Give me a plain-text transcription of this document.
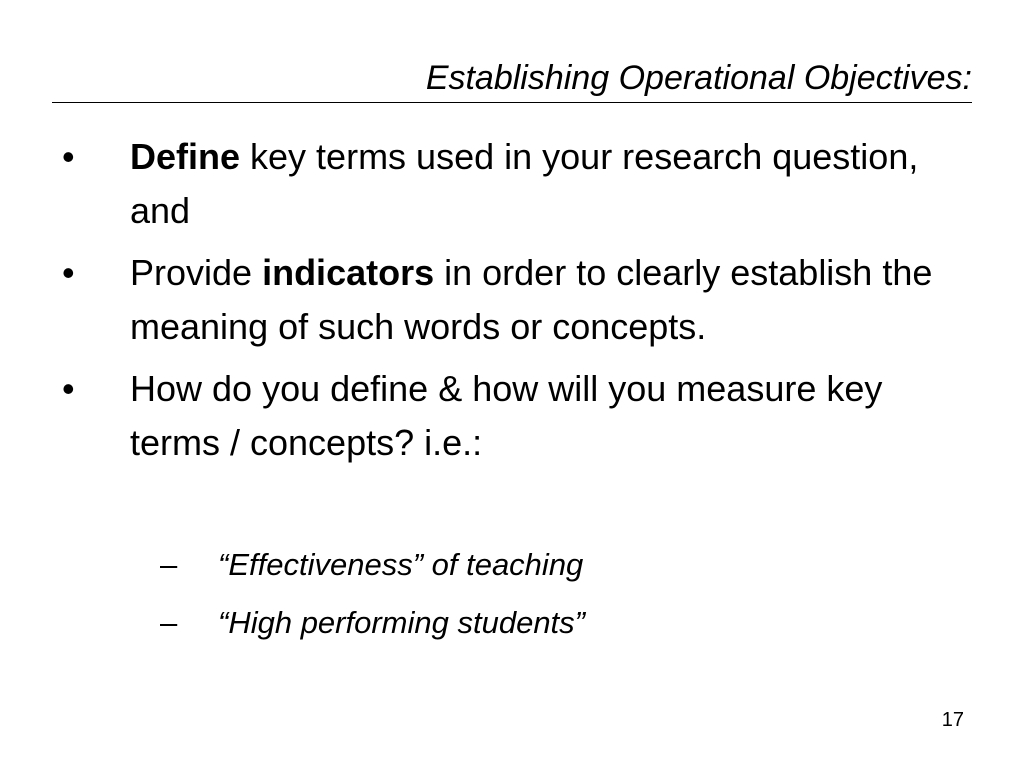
Establishing Operational Objectives:
• Define key terms used in your research question, and
• Provide indicators in order to clearly establish the meaning of such words or concepts.
• How do you define & how will you measure key terms / concepts? i.e.:
– “Effectiveness” of teaching
– “High performing students”
17
